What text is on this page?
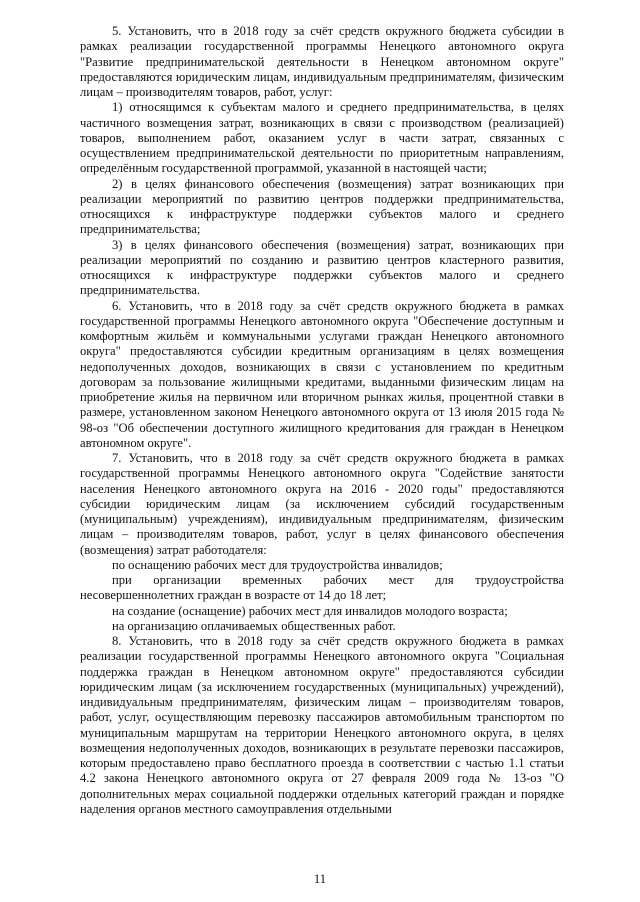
5. Установить, что в 2018 году за счёт средств окружного бюджета субсидии в рамках реализации государственной программы Ненецкого автономного округа "Развитие предпринимательской деятельности в Ненецком автономном округе" предоставляются юридическим лицам, индивидуальным предпринимателям, физическим лицам – производителям товаров, работ, услуг:

1) относящимся к субъектам малого и среднего предпринимательства, в целях частичного возмещения затрат, возникающих в связи с производством (реализацией) товаров, выполнением работ, оказанием услуг в части затрат, связанных с осуществлением предпринимательской деятельности по приоритетным направлениям, определённым государственной программой, указанной в настоящей части;

2) в целях финансового обеспечения (возмещения) затрат возникающих при реализации мероприятий по развитию центров поддержки предпринимательства, относящихся к инфраструктуре поддержки субъектов малого и среднего предпринимательства;

3) в целях финансового обеспечения (возмещения) затрат, возникающих при реализации мероприятий по созданию и развитию центров кластерного развития, относящихся к инфраструктуре поддержки субъектов малого и среднего предпринимательства.

6. Установить, что в 2018 году за счёт средств окружного бюджета в рамках государственной программы Ненецкого автономного округа "Обеспечение доступным и комфортным жильём и коммунальными услугами граждан Ненецкого автономного округа" предоставляются субсидии кредитным организациям в целях возмещения недополученных доходов, возникающих в связи с установлением по кредитным договорам за пользование жилищными кредитами, выданными физическим лицам на приобретение жилья на первичном или вторичном рынках жилья, процентной ставки в размере, установленном законом Ненецкого автономного округа от 13 июля 2015 года № 98-оз "Об обеспечении доступного жилищного кредитования для граждан в Ненецком автономном округе".

7. Установить, что в 2018 году за счёт средств окружного бюджета в рамках государственной программы Ненецкого автономного округа "Содействие занятости населения Ненецкого автономного округа на 2016 - 2020 годы" предоставляются субсидии юридическим лицам (за исключением субсидий государственным (муниципальным) учреждениям), индивидуальным предпринимателям, физическим лицам – производителям товаров, работ, услуг в целях финансового обеспечения (возмещения) затрат работодателя:

по оснащению рабочих мест для трудоустройства инвалидов;

при организации временных рабочих мест для трудоустройства несовершеннолетних граждан в возрасте от 14 до 18 лет;

на создание (оснащение) рабочих мест для инвалидов молодого возраста;

на организацию оплачиваемых общественных работ.

8. Установить, что в 2018 году за счёт средств окружного бюджета в рамках реализации государственной программы Ненецкого автономного округа "Социальная поддержка граждан в Ненецком автономном округе" предоставляются субсидии юридическим лицам (за исключением государственных (муниципальных) учреждений), индивидуальным предпринимателям, физическим лицам – производителям товаров, работ, услуг, осуществляющим перевозку пассажиров автомобильным транспортом по муниципальным маршрутам на территории Ненецкого автономного округа, в целях возмещения недополученных доходов, возникающих в результате перевозки пассажиров, которым предоставлено право бесплатного проезда в соответствии с частью 1.1 статьи 4.2 закона Ненецкого автономного округа от 27 февраля 2009 года № 13-оз "О дополнительных мерах социальной поддержки отдельных категорий граждан и порядке наделения органов местного самоуправления отдельными

11
